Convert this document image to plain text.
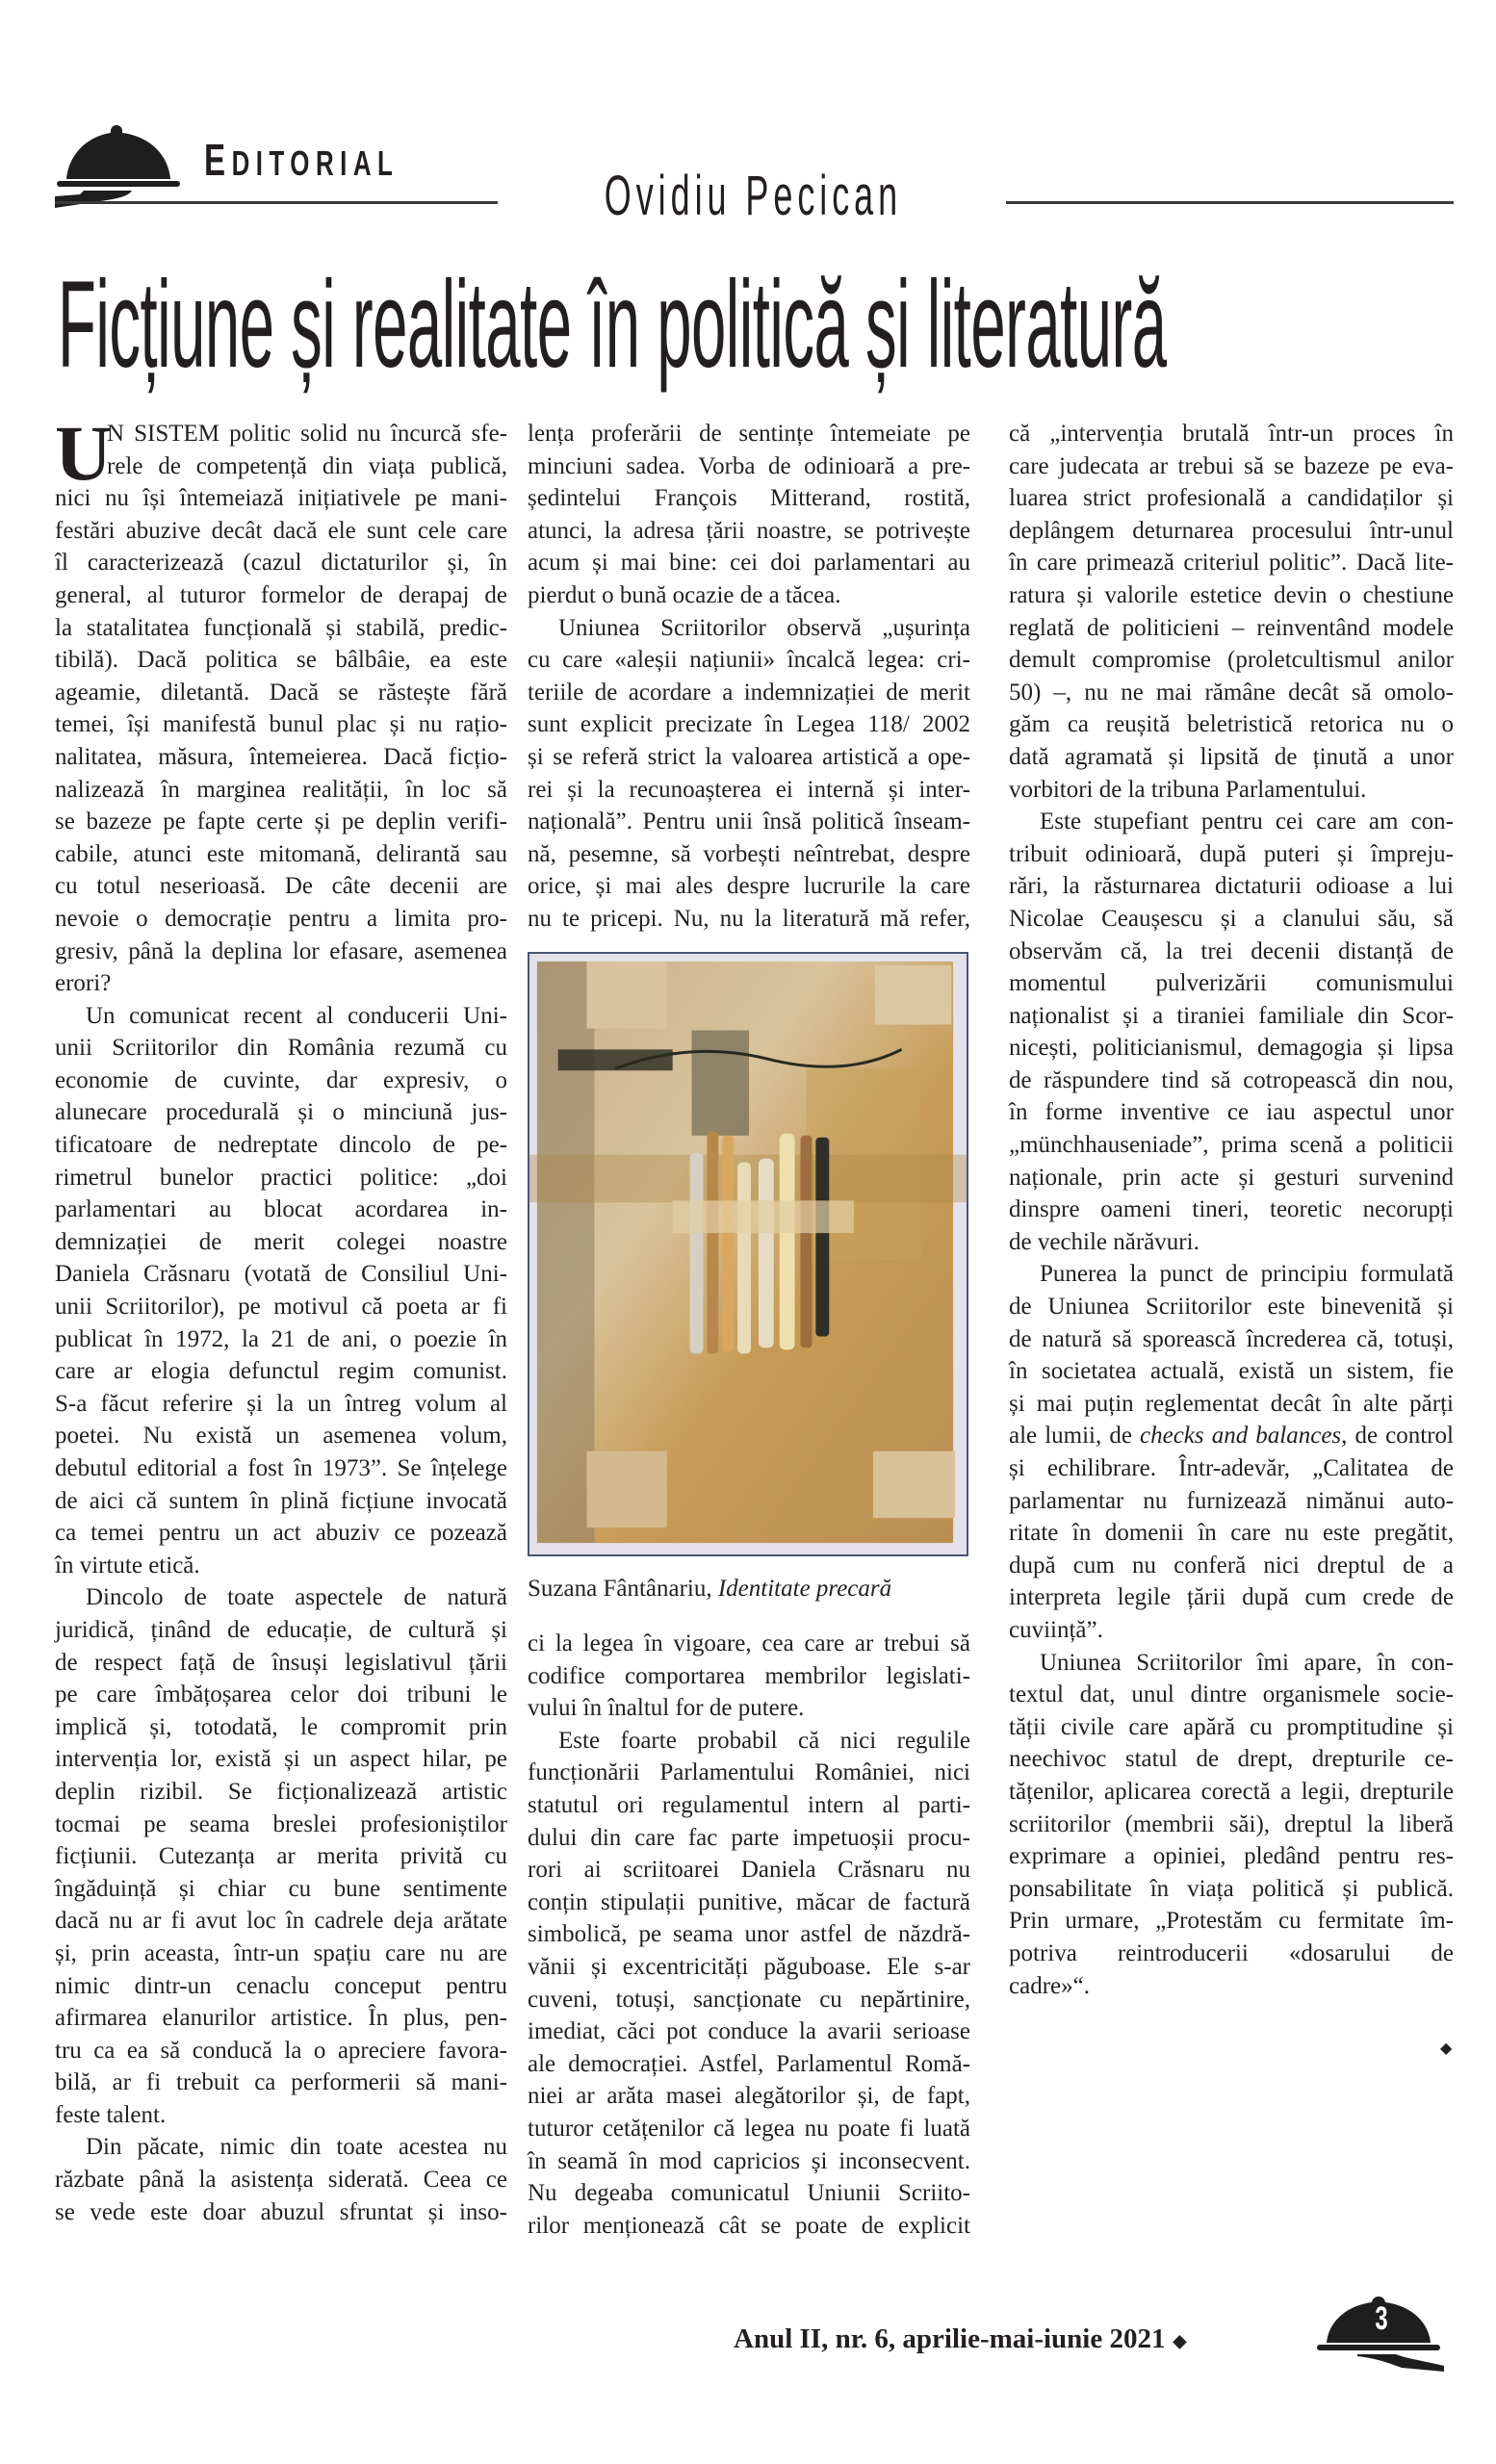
EDITORIAL
Ovidiu Pecican
Ficțiune și realitate în politică și literatură
U
N SISTEM politic solid nu încurcă sfe-
rele de competență din viața publică,
nici nu își întemeiază inițiativele pe mani-
festări abuzive decât dacă ele sunt cele care
îl caracterizează (cazul dictaturilor și, în
general, al tuturor formelor de derapaj de
la statalitatea funcțională și stabilă, predic-
tibilă). Dacă politica se bâlbâie, ea este
ageamie, diletantă. Dacă se răstește fără
temei, își manifestă bunul plac și nu rațio-
nalitatea, măsura, întemeierea. Dacă ficțio-
nalizează în marginea realității, în loc să
se bazeze pe fapte certe și pe deplin verifi-
cabile, atunci este mitomană, delirantă sau
cu totul neserioasă. De câte decenii are
nevoie o democrație pentru a limita pro-
gresiv, până la deplina lor efasare, asemenea
erori?
Un comunicat recent al conducerii Uni-
unii Scriitorilor din România rezumă cu
economie de cuvinte, dar expresiv, o
alunecare procedurală și o minciună jus-
tificatoare de nedreptate dincolo de pe-
rimetrul bunelor practici politice: „doi
parlamentari au blocat acordarea in-
demnizației de merit colegei noastre
Daniela Crăsnaru (votată de Consiliul Uni-
unii Scriitorilor), pe motivul că poeta ar fi
publicat în 1972, la 21 de ani, o poezie în
care ar elogia defunctul regim comunist.
S-a făcut referire și la un întreg volum al
poetei. Nu există un asemenea volum,
debutul editorial a fost în 1973”. Se înțelege
de aici că suntem în plină ficțiune invocată
ca temei pentru un act abuziv ce pozează
în virtute etică.
Dincolo de toate aspectele de natură
juridică, ținând de educație, de cultură și
de respect față de însuși legislativul țării
pe care îmbățoșarea celor doi tribuni le
implică și, totodată, le compromit prin
intervenția lor, există și un aspect hilar, pe
deplin rizibil. Se ficționalizează artistic
tocmai pe seama breslei profesioniștilor
ficțiunii. Cutezanța ar merita privită cu
îngăduință și chiar cu bune sentimente
dacă nu ar fi avut loc în cadrele deja arătate
și, prin aceasta, într-un spațiu care nu are
nimic dintr-un cenaclu conceput pentru
afirmarea elanurilor artistice. În plus, pen-
tru ca ea să conducă la o apreciere favora-
bilă, ar fi trebuit ca performerii să mani-
feste talent.
Din păcate, nimic din toate acestea nu
răzbate până la asistența siderată. Ceea ce
se vede este doar abuzul sfruntat și inso-
lența proferării de sentințe întemeiate pe
minciuni sadea. Vorba de odinioară a pre-
ședintelui François Mitterand, rostită,
atunci, la adresa țării noastre, se potrivește
acum și mai bine: cei doi parlamentari au
pierdut o bună ocazie de a tăcea.
Uniunea Scriitorilor observă „ușurința
cu care «aleșii națiunii» încalcă legea: cri-
teriile de acordare a indemnizației de merit
sunt explicit precizate în Legea 118/ 2002
și se referă strict la valoarea artistică a ope-
rei și la recunoașterea ei internă și inter-
națională”. Pentru unii însă politică înseam-
nă, pesemne, să vorbești neîntrebat, despre
orice, și mai ales despre lucrurile la care
nu te pricepi. Nu, nu la literatură mă refer,
Suzana Fântânariu, Identitate precară
ci la legea în vigoare, cea care ar trebui să
codifice comportarea membrilor legislati-
vului în înaltul for de putere.
Este foarte probabil că nici regulile
funcționării Parlamentului României, nici
statutul ori regulamentul intern al parti-
dului din care fac parte impetuoșii procu-
rori ai scriitoarei Daniela Crăsnaru nu
conțin stipulații punitive, măcar de factură
simbolică, pe seama unor astfel de năzdră-
vănii și excentricități păguboase. Ele s-ar
cuveni, totuși, sancționate cu nepărtinire,
imediat, căci pot conduce la avarii serioase
ale democrației. Astfel, Parlamentul Romă-
niei ar arăta masei alegătorilor și, de fapt,
tuturor cetățenilor că legea nu poate fi luată
în seamă în mod capricios și inconsecvent.
Nu degeaba comunicatul Uniunii Scriito-
rilor menționează cât se poate de explicit
că „intervenția brutală într-un proces în
care judecata ar trebui să se bazeze pe eva-
luarea strict profesională a candidaților și
deplângem deturnarea procesului într-unul
în care primează criteriul politic”. Dacă lite-
ratura și valorile estetice devin o chestiune
reglată de politicieni – reinventând modele
demult compromise (proletcultismul anilor
50) –, nu ne mai rămâne decât să omolo-
găm ca reușită beletristică retorica nu o
dată agramată și lipsită de ținută a unor
vorbitori de la tribuna Parlamentului.
Este stupefiant pentru cei care am con-
tribuit odinioară, după puteri și împreju-
rări, la răsturnarea dictaturii odioase a lui
Nicolae Ceaușescu și a clanului său, să
observăm că, la trei decenii distanță de
momentul pulverizării comunismului
naționalist și a tiraniei familiale din Scor-
nicești, politicianismul, demagogia și lipsa
de răspundere tind să cotropească din nou,
în forme inventive ce iau aspectul unor
„münchhauseniade”, prima scenă a politicii
naționale, prin acte și gesturi survenind
dinspre oameni tineri, teoretic necorupți
de vechile nărăvuri.
Punerea la punct de principiu formulată
de Uniunea Scriitorilor este binevenită și
de natură să sporească încrederea că, totuși,
în societatea actuală, există un sistem, fie
și mai puțin reglementat decât în alte părți
ale lumii, de checks and balances, de control
și echilibrare. Într-adevăr, „Calitatea de
parlamentar nu furnizează nimănui auto-
ritate în domenii în care nu este pregătit,
după cum nu conferă nici dreptul de a
interpreta legile țării după cum crede de
cuviință”.
Uniunea Scriitorilor îmi apare, în con-
textul dat, unul dintre organismele socie-
tății civile care apără cu promptitudine și
neechivoc statul de drept, drepturile ce-
tățenilor, aplicarea corectă a legii, drepturile
scriitorilor (membrii săi), dreptul la liberă
exprimare a opiniei, pledând pentru res-
ponsabilitate în viața politică și publică.
Prin urmare, „Protestăm cu fermitate îm-
potriva reintroducerii «dosarului de
cadre»“.
◆
Anul II, nr. 6, aprilie-mai-iunie 2021 ◆
3
